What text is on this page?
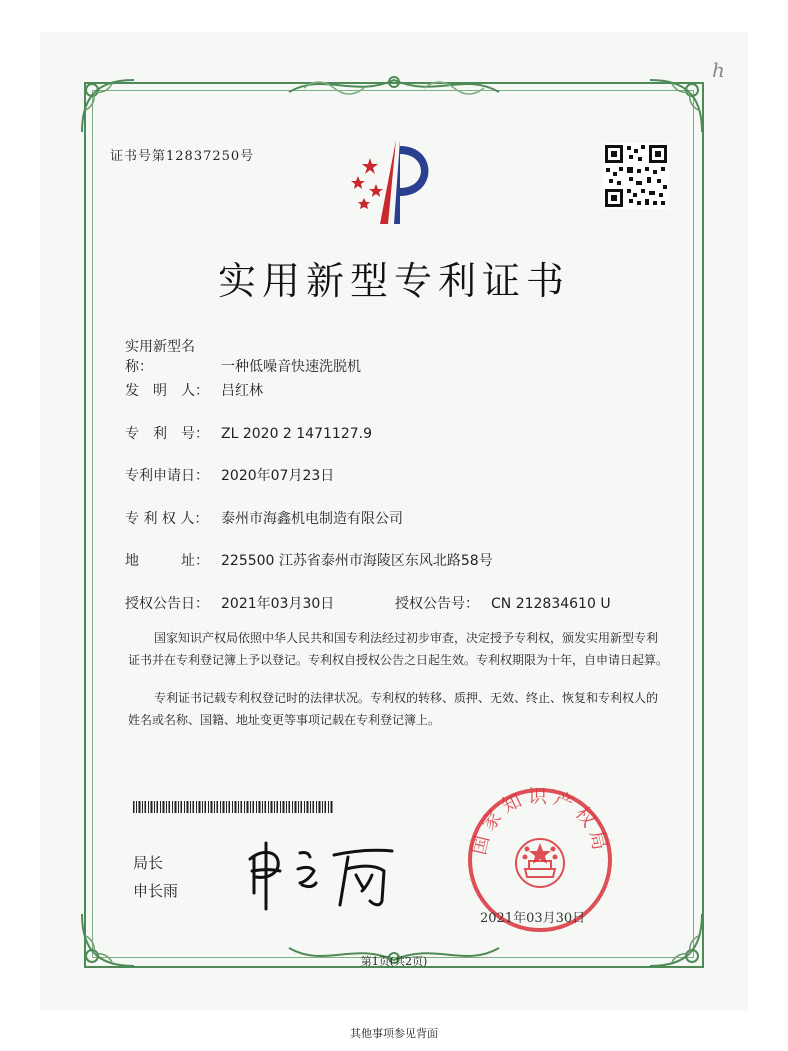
h
证书号第12837250号
实用新型专利证书
实用新型名称：	一种低噪音快速洗脱机
发　明　人： 吕红林
专　利　号： ZL 2020 2 1471127.9
专利申请日： 2020年07月23日
专 利 权 人： 泰州市海鑫机电制造有限公司
地　　　址： 225500 江苏省泰州市海陵区东风北路58号
授权公告日： 2021年03月30日	授权公告号： CN 212834610 U
国家知识产权局依照中华人民共和国专利法经过初步审查，决定授予专利权，颁发实用新型专利证书并在专利登记簿上予以登记。专利权自授权公告之日起生效。专利权期限为十年，自申请日起算。
专利证书记载专利权登记时的法律状况。专利权的转移、质押、无效、终止、恢复和专利权人的姓名或名称、国籍、地址变更等事项记载在专利登记簿上。
局长
申长雨
国家知识产权局
2021年03月30日
第1页(共2页)
其他事项参见背面
